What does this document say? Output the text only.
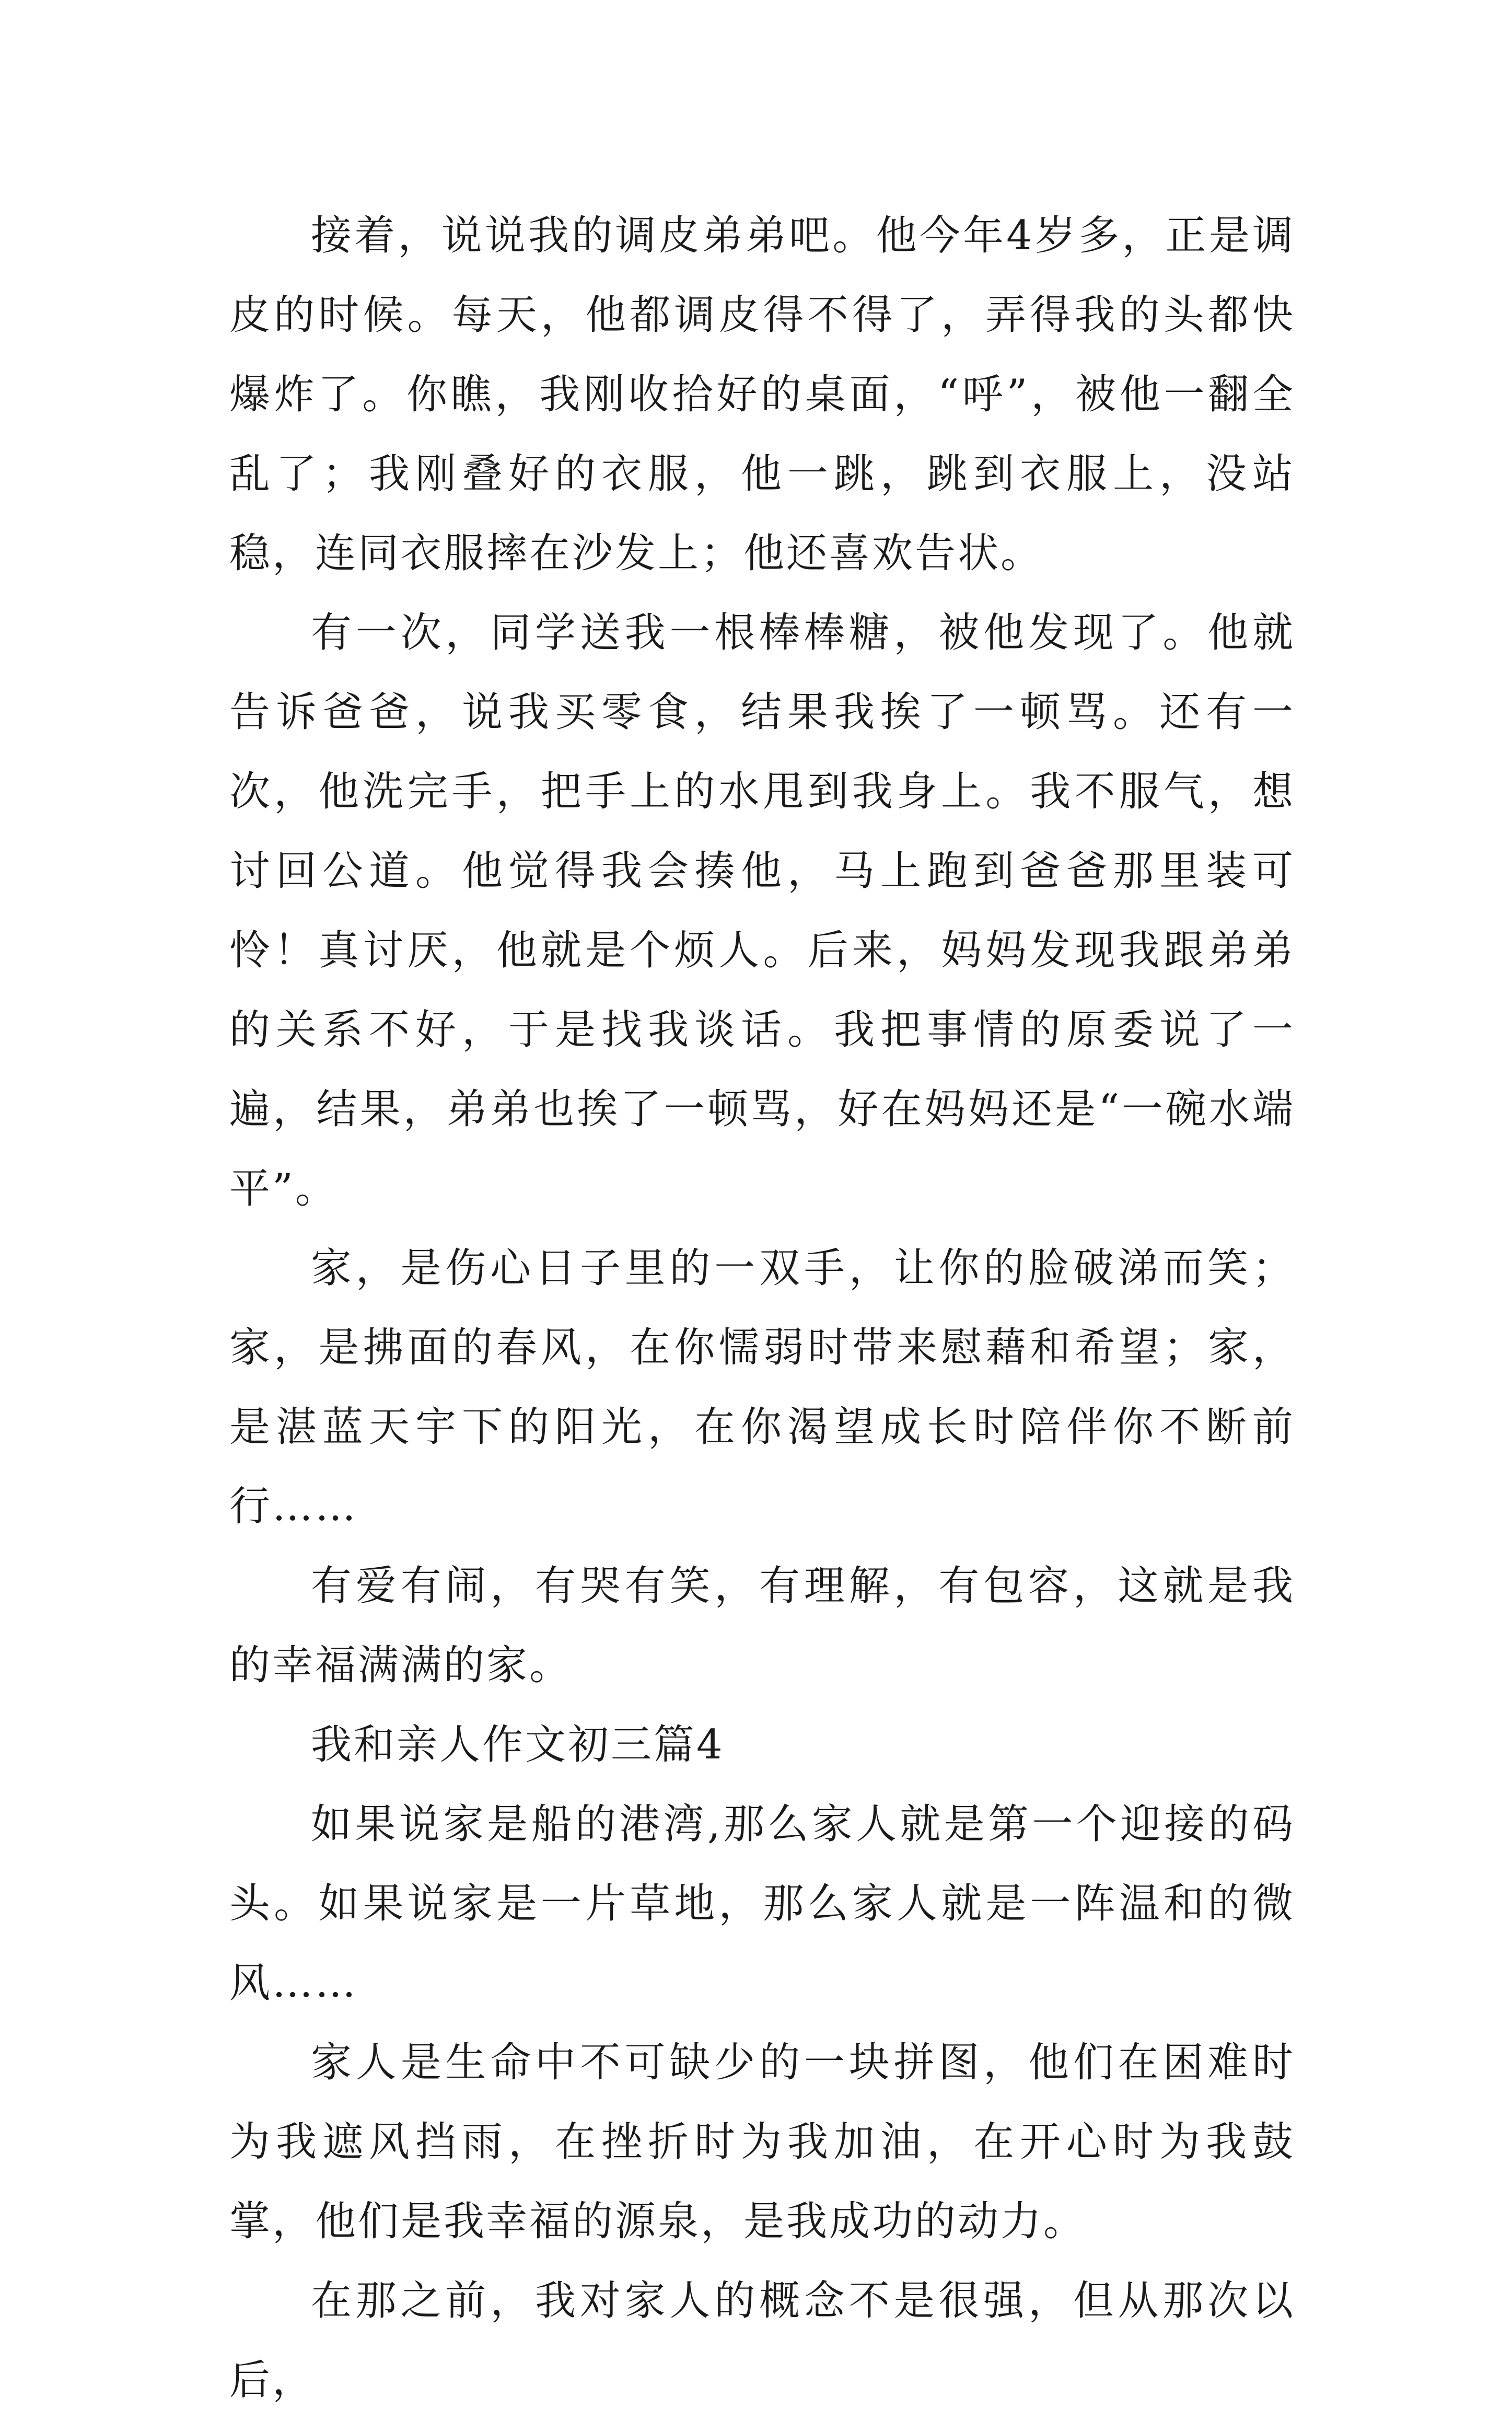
接着，说说我的调皮弟弟吧。他今年4岁多，正是调皮的时候。每天，他都调皮得不得了，弄得我的头都快爆炸了。你瞧，我刚收拾好的桌面，“呼”，被他一翻全乱了；我刚叠好的衣服，他一跳，跳到衣服上，没站稳，连同衣服摔在沙发上；他还喜欢告状。

有一次，同学送我一根棒棒糖，被他发现了。他就告诉爸爸，说我买零食，结果我挨了一顿骂。还有一次，他洗完手，把手上的水甩到我身上。我不服气，想讨回公道。他觉得我会揍他，马上跑到爸爸那里装可怜！真讨厌，他就是个烦人。后来，妈妈发现我跟弟弟的关系不好，于是找我谈话。我把事情的原委说了一遍，结果，弟弟也挨了一顿骂，好在妈妈还是“一碗水端平”。

家，是伤心日子里的一双手，让你的脸破涕而笑；家，是拂面的春风，在你懦弱时带来慰藉和希望；家，是湛蓝天宇下的阳光，在你渴望成长时陪伴你不断前行……

有爱有闹，有哭有笑，有理解，有包容，这就是我的幸福满满的家。

我和亲人作文初三篇4

如果说家是船的港湾,那么家人就是第一个迎接的码头。如果说家是一片草地，那么家人就是一阵温和的微风……

家人是生命中不可缺少的一块拼图，他们在困难时为我遮风挡雨，在挫折时为我加油，在开心时为我鼓掌，他们是我幸福的源泉，是我成功的动力。

在那之前，我对家人的概念不是很强，但从那次以后，
